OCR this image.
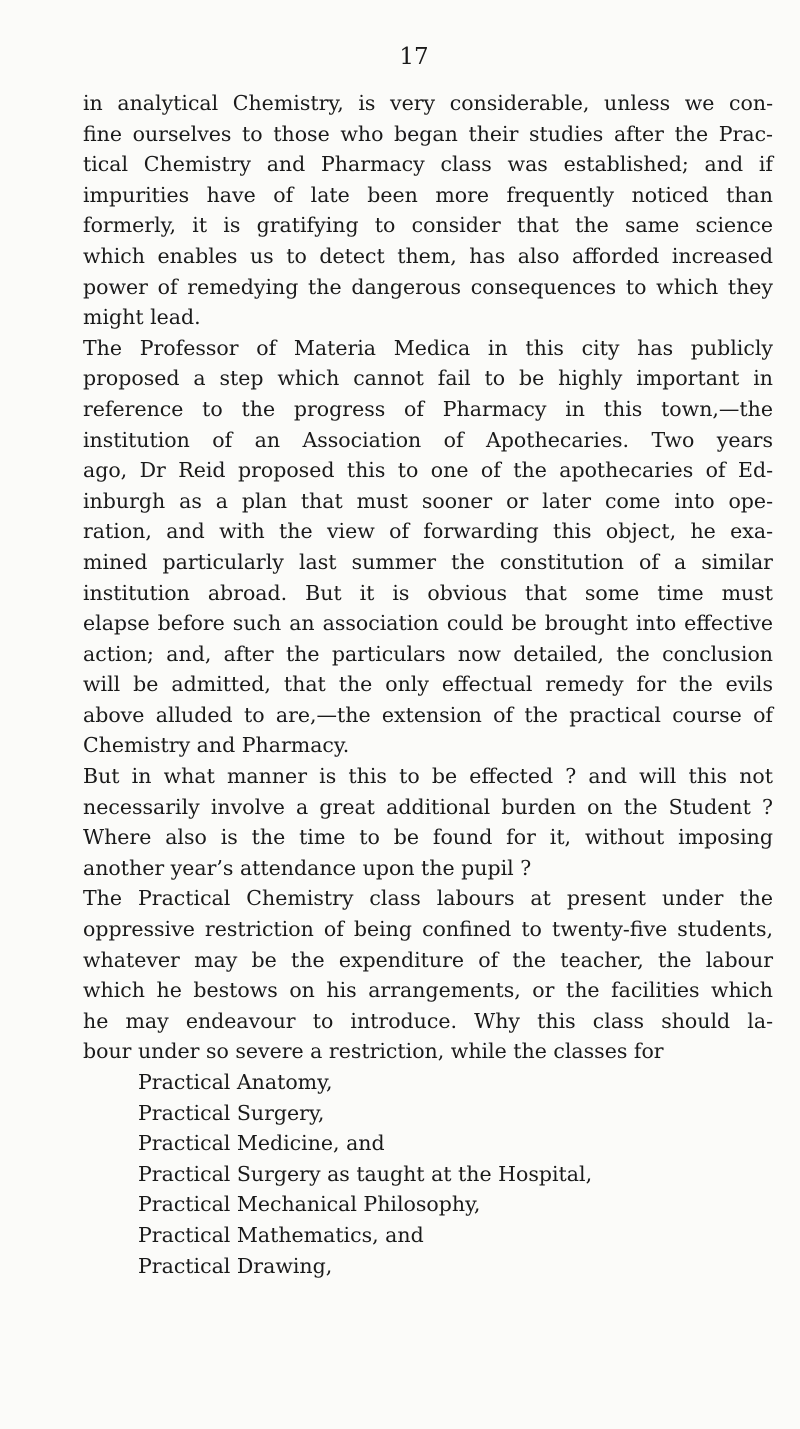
17
in analytical Chemistry, is very considerable, unless we con-
fine ourselves to those who began their studies after the Prac-
tical Chemistry and Pharmacy class was established; and if
impurities have of late been more frequently noticed than
formerly, it is gratifying to consider that the same science
which enables us to detect them, has also afforded increased
power of remedying the dangerous consequences to which they
might lead.
The Professor of Materia Medica in this city has publicly
proposed a step which cannot fail to be highly important in
reference to the progress of Pharmacy in this town,—the
institution of an Association of Apothecaries. Two years
ago, Dr Reid proposed this to one of the apothecaries of Ed-
inburgh as a plan that must sooner or later come into ope-
ration, and with the view of forwarding this object, he exa-
mined particularly last summer the constitution of a similar
institution abroad. But it is obvious that some time must
elapse before such an association could be brought into effective
action; and, after the particulars now detailed, the conclusion
will be admitted, that the only effectual remedy for the evils
above alluded to are,—the extension of the practical course of
Chemistry and Pharmacy.
But in what manner is this to be effected ? and will this not
necessarily involve a great additional burden on the Student ?
Where also is the time to be found for it, without imposing
another year’s attendance upon the pupil ?
The Practical Chemistry class labours at present under the
oppressive restriction of being confined to twenty-five students,
whatever may be the expenditure of the teacher, the labour
which he bestows on his arrangements, or the facilities which
he may endeavour to introduce. Why this class should la-
bour under so severe a restriction, while the classes for
Practical Anatomy,
Practical Surgery,
Practical Medicine, and
Practical Surgery as taught at the Hospital,
Practical Mechanical Philosophy,
Practical Mathematics, and
Practical Drawing,
